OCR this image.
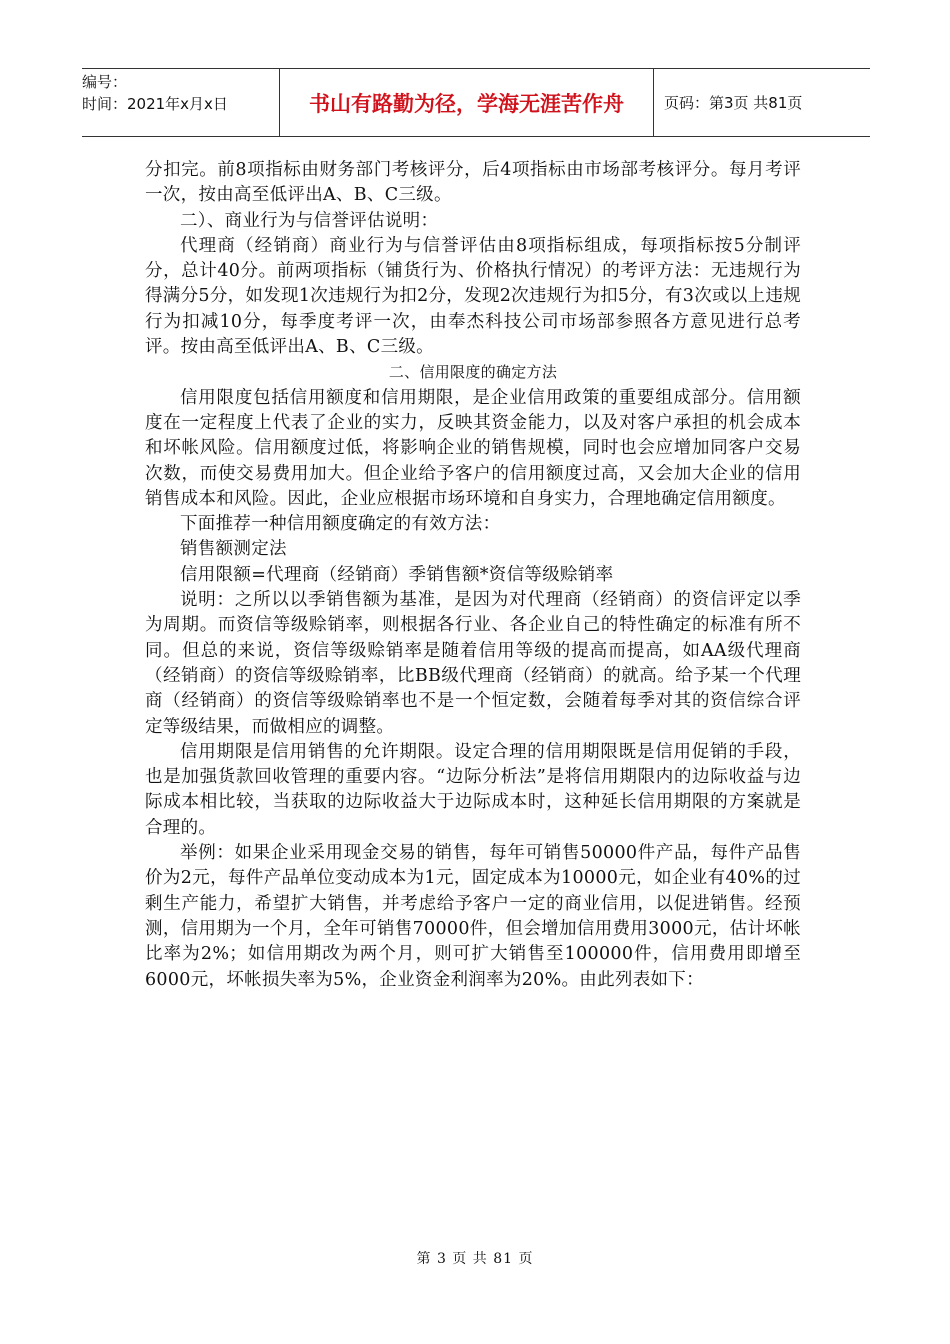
编号：
时间：2021年x月x日	书山有路勤为径，学海无涯苦作舟	页码：第3页 共81页

分扣完。前8项指标由财务部门考核评分，后4项指标由市场部考核评分。每月考评一次，按由高至低评出A、B、C三级。

二）、商业行为与信誉评估说明：

代理商（经销商）商业行为与信誉评估由8项指标组成，每项指标按5分制评分，总计40分。前两项指标（铺货行为、价格执行情况）的考评方法：无违规行为得满分5分，如发现1次违规行为扣2分，发现2次违规行为扣5分，有3次或以上违规行为扣减10分，每季度考评一次，由奉杰科技公司市场部参照各方意见进行总考评。按由高至低评出A、B、C三级。

二、信用限度的确定方法

信用限度包括信用额度和信用期限，是企业信用政策的重要组成部分。信用额度在一定程度上代表了企业的实力，反映其资金能力，以及对客户承担的机会成本和坏帐风险。信用额度过低，将影响企业的销售规模，同时也会应增加同客户交易次数，而使交易费用加大。但企业给予客户的信用额度过高，又会加大企业的信用销售成本和风险。因此，企业应根据市场环境和自身实力，合理地确定信用额度。

下面推荐一种信用额度确定的有效方法：

销售额测定法

信用限额=代理商（经销商）季销售额*资信等级赊销率

说明：之所以以季销售额为基准，是因为对代理商（经销商）的资信评定以季为周期。而资信等级赊销率，则根据各行业、各企业自己的特性确定的标准有所不同。但总的来说，资信等级赊销率是随着信用等级的提高而提高，如AA级代理商（经销商）的资信等级赊销率，比BB级代理商（经销商）的就高。给予某一个代理商（经销商）的资信等级赊销率也不是一个恒定数，会随着每季对其的资信综合评定等级结果，而做相应的调整。

信用期限是信用销售的允许期限。设定合理的信用期限既是信用促销的手段，也是加强货款回收管理的重要内容。“边际分析法”是将信用期限内的边际收益与边际成本相比较，当获取的边际收益大于边际成本时，这种延长信用期限的方案就是合理的。

举例：如果企业采用现金交易的销售，每年可销售50000件产品，每件产品售价为2元，每件产品单位变动成本为1元，固定成本为10000元，如企业有40%的过剩生产能力，希望扩大销售，并考虑给予客户一定的商业信用，以促进销售。经预测，信用期为一个月，全年可销售70000件，但会增加信用费用3000元，估计坏帐比率为2%；如信用期改为两个月，则可扩大销售至100000件，信用费用即增至6000元，坏帐损失率为5%，企业资金利润率为20%。由此列表如下：

第 3 页 共 81 页
